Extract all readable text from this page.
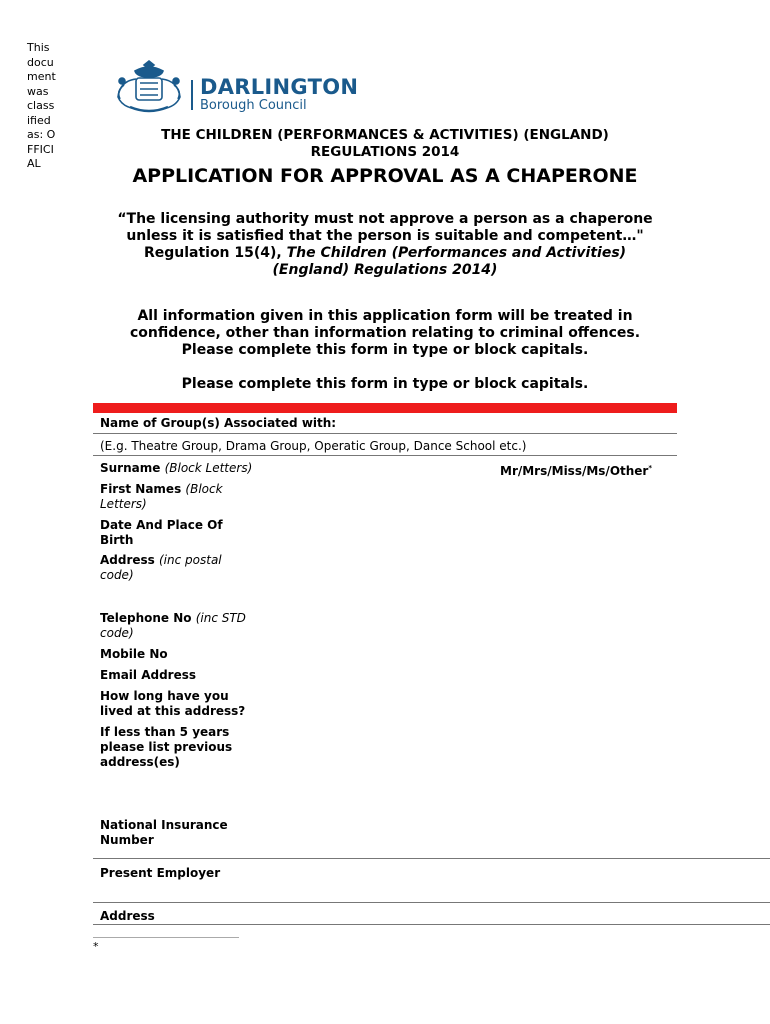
This document was classified as: OFFICIAL
DARLINGTON
Borough Council
THE CHILDREN (PERFORMANCES & ACTIVITIES) (ENGLAND)
REGULATIONS 2014
APPLICATION FOR APPROVAL AS A CHAPERONE
“The licensing authority must not approve a person as a chaperone unless it is satisfied that the person is suitable and competent…"
Regulation 15(4), The Children (Performances and Activities) (England) Regulations 2014)
All information given in this application form will be treated in
confidence, other than information relating to criminal offences.
Please complete this form in type or block capitals.
Please complete this form in type or block capitals.
Name of Group(s) Associated with:
(E.g. Theatre Group, Drama Group, Operatic Group, Dance School etc.)
Surname (Block Letters)	Mr/Mrs/Miss/Ms/Other*
First Names (Block Letters)
Date And Place Of Birth
Address (inc postal code)
Telephone No (inc STD code)
Mobile No
Email Address
How long have you lived at this address?
If less than 5 years please list previous address(es)
National Insurance Number
Present Employer
Address
*
